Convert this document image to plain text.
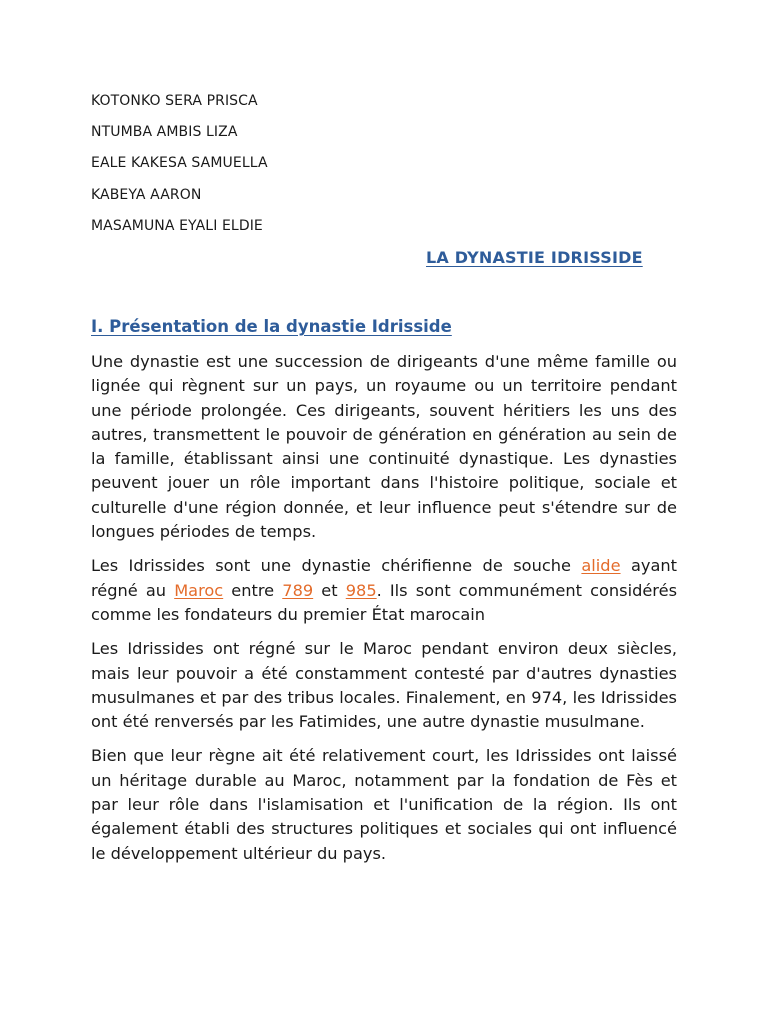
KOTONKO SERA PRISCA
NTUMBA AMBIS LIZA
EALE KAKESA SAMUELLA
KABEYA AARON
MASAMUNA EYALI ELDIE
LA DYNASTIE IDRISSIDE
I. Présentation de la dynastie Idrisside

Une dynastie est une succession de dirigeants d'une même famille ou lignée qui règnent sur un pays, un royaume ou un territoire pendant une période prolongée. Ces dirigeants, souvent héritiers les uns des autres, transmettent le pouvoir de génération en génération au sein de la famille, établissant ainsi une continuité dynastique. Les dynasties peuvent jouer un rôle important dans l'histoire politique, sociale et culturelle d'une région donnée, et leur influence peut s'étendre sur de longues périodes de temps.

Les Idrissides sont une dynastie chérifienne de souche alide ayant régné au Maroc entre 789 et 985. Ils sont communément considérés comme les fondateurs du premier État marocain

Les Idrissides ont régné sur le Maroc pendant environ deux siècles, mais leur pouvoir a été constamment contesté par d'autres dynasties musulmanes et par des tribus locales. Finalement, en 974, les Idrissides ont été renversés par les Fatimides, une autre dynastie musulmane.

Bien que leur règne ait été relativement court, les Idrissides ont laissé un héritage durable au Maroc, notamment par la fondation de Fès et par leur rôle dans l'islamisation et l'unification de la région. Ils ont également établi des structures politiques et sociales qui ont influencé le développement ultérieur du pays.
